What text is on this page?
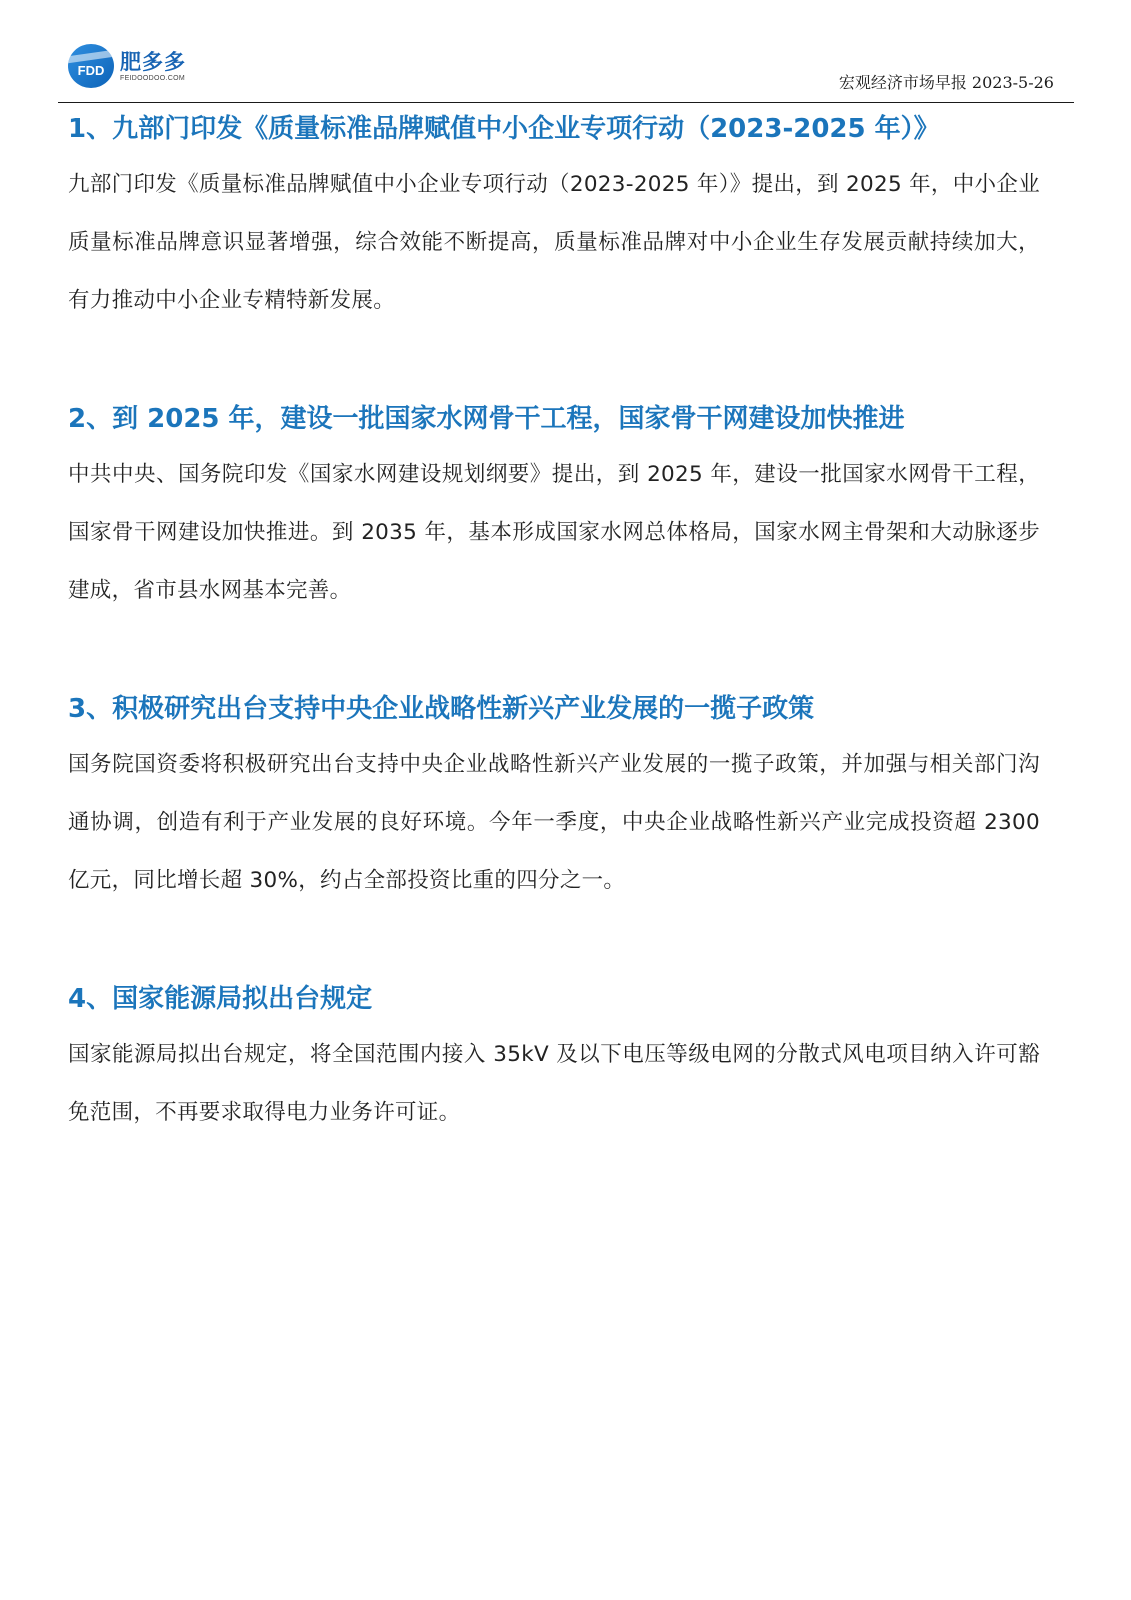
FDD 肥多多
FEIDOODOO.COM	宏观经济市场早报 2023-5-26
1、九部门印发《质量标准品牌赋值中小企业专项行动（2023-2025 年）》

九部门印发《质量标准品牌赋值中小企业专项行动（2023-2025 年）》提出，到 2025 年，中小企业质量标准品牌意识显著增强，综合效能不断提高，质量标准品牌对中小企业生存发展贡献持续加大，有力推动中小企业专精特新发展。

2、到 2025 年，建设一批国家水网骨干工程，国家骨干网建设加快推进

中共中央、国务院印发《国家水网建设规划纲要》提出，到 2025 年，建设一批国家水网骨干工程，国家骨干网建设加快推进。到 2035 年，基本形成国家水网总体格局，国家水网主骨架和大动脉逐步建成，省市县水网基本完善。

3、积极研究出台支持中央企业战略性新兴产业发展的一揽子政策

国务院国资委将积极研究出台支持中央企业战略性新兴产业发展的一揽子政策，并加强与相关部门沟通协调，创造有利于产业发展的良好环境。今年一季度，中央企业战略性新兴产业完成投资超 2300 亿元，同比增长超 30%，约占全部投资比重的四分之一。

4、国家能源局拟出台规定

国家能源局拟出台规定，将全国范围内接入 35kV 及以下电压等级电网的分散式风电项目纳入许可豁免范围，不再要求取得电力业务许可证。
